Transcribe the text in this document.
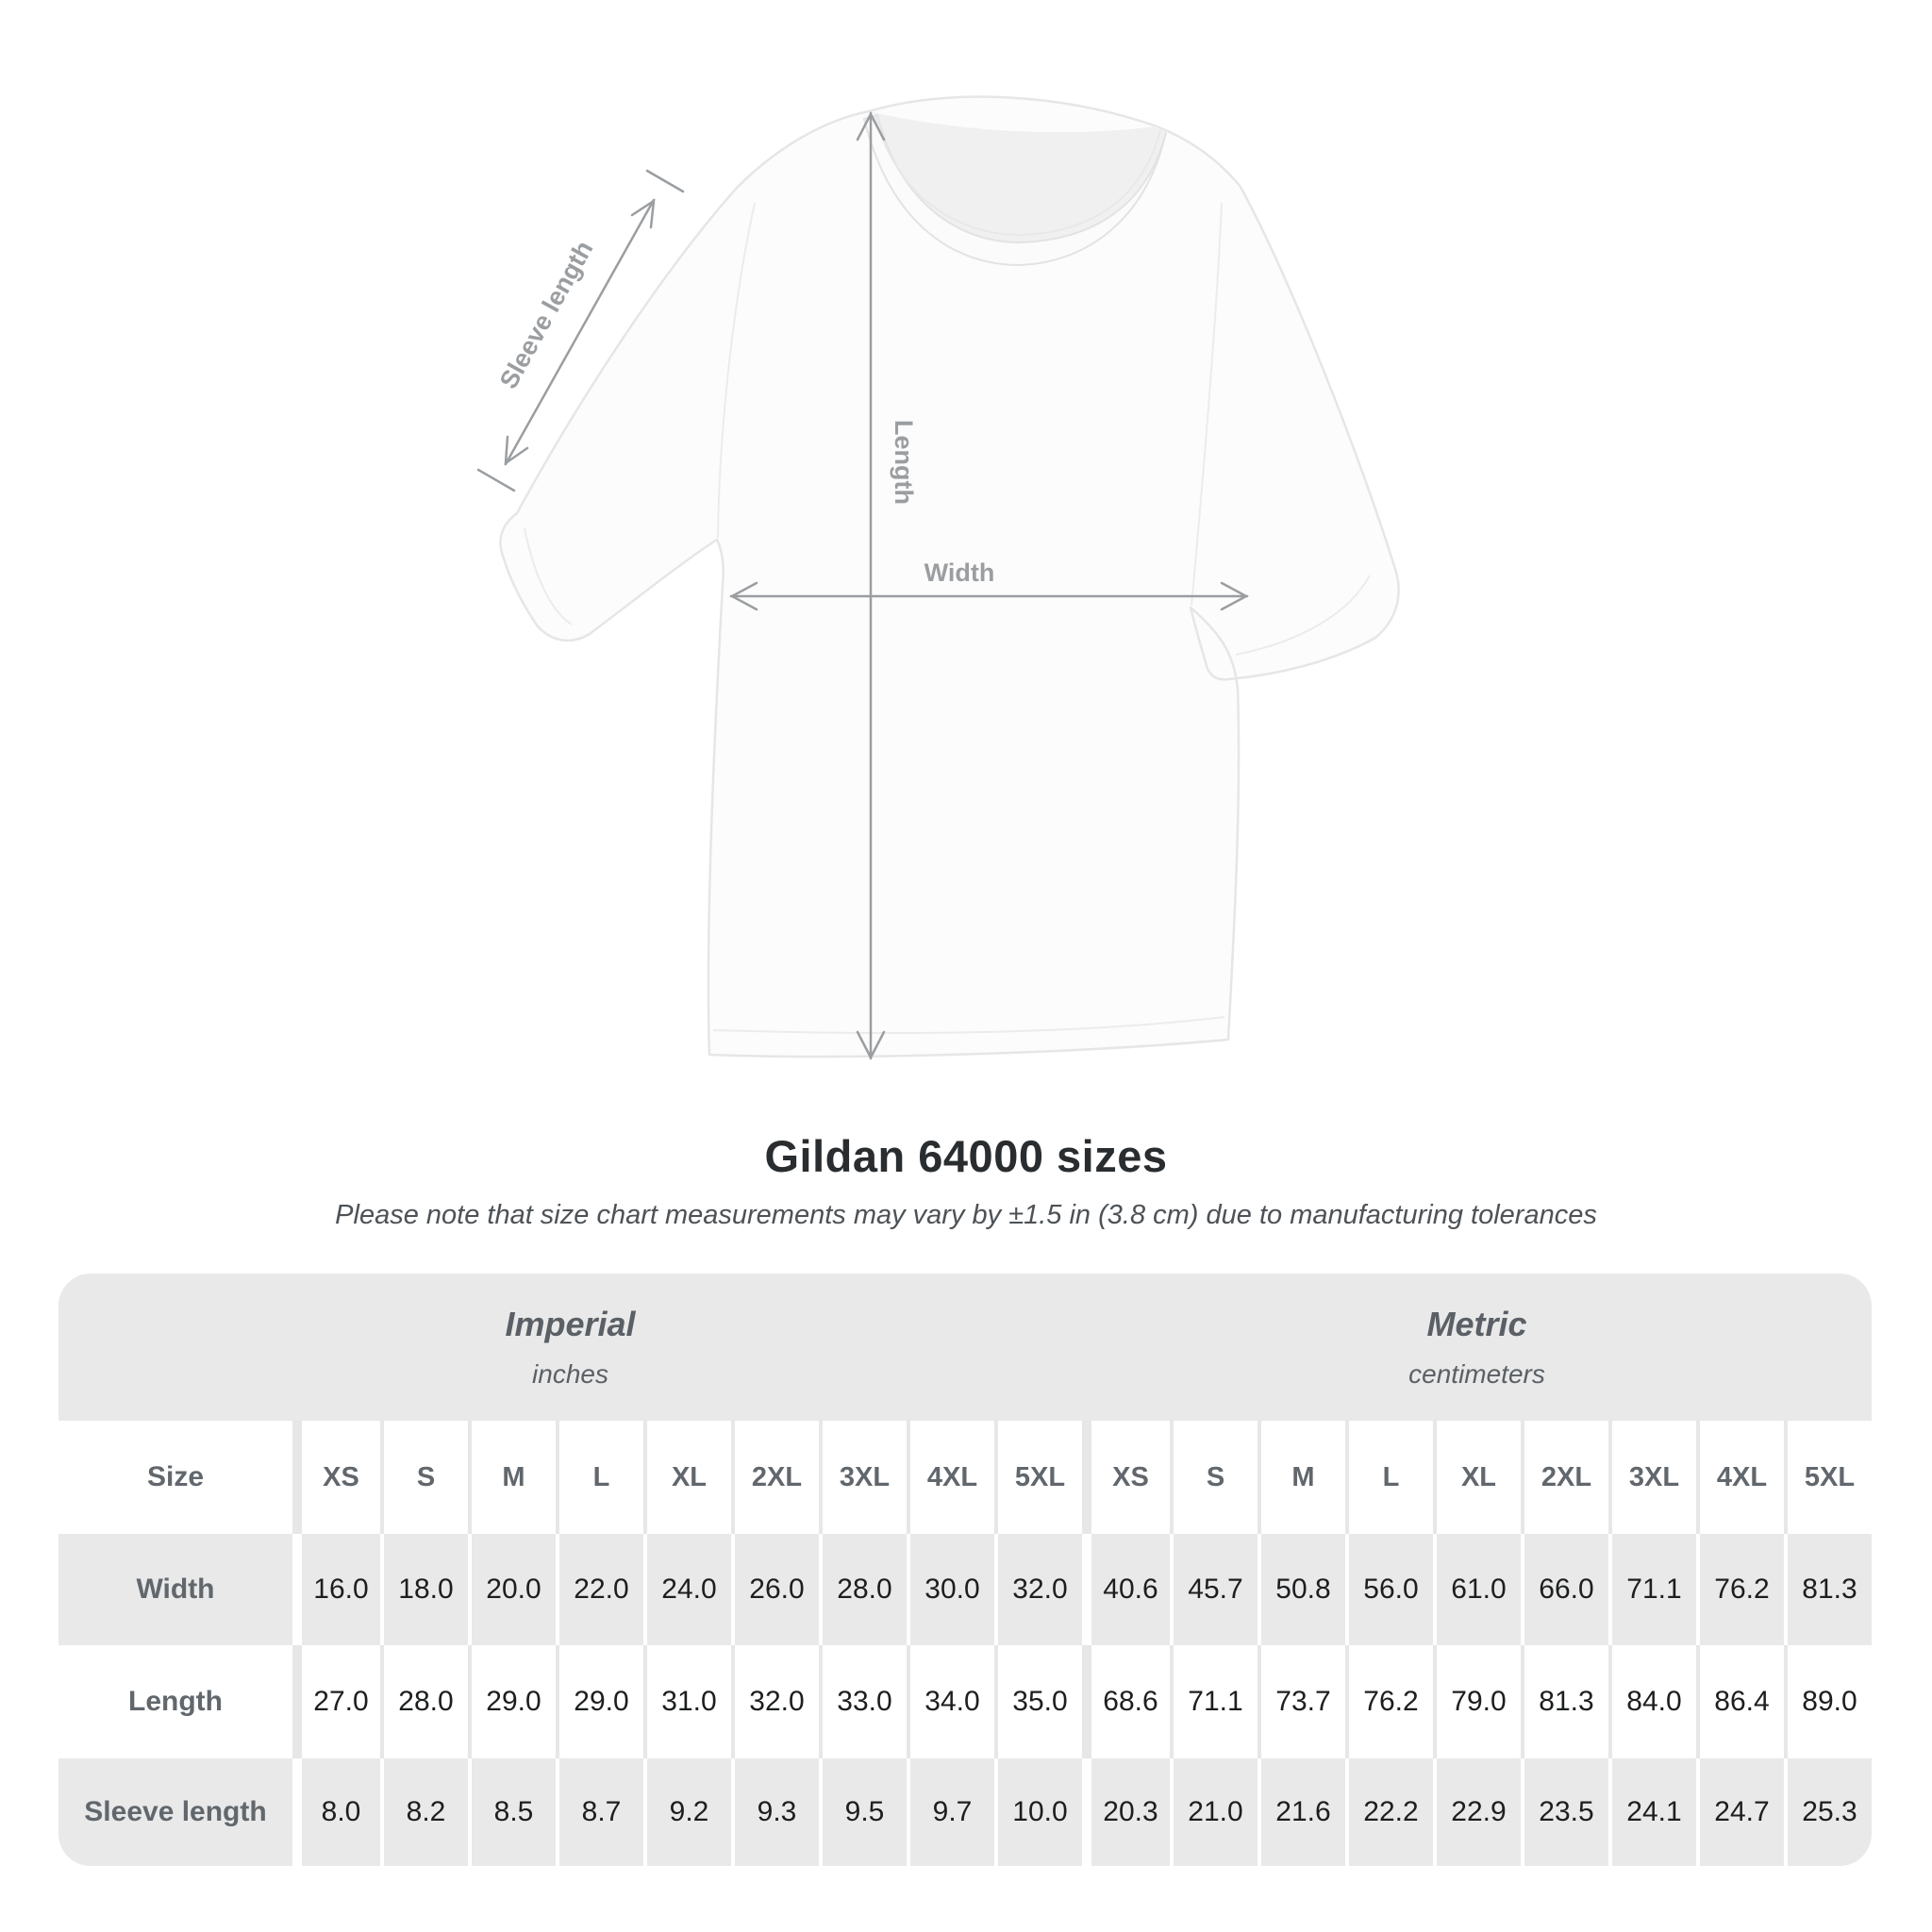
Width
Length
Sleeve length
Gildan 64000 sizes
Please note that size chart measurements may vary by ±1.5 in (3.8 cm) due to manufacturing tolerances
Imperial
inches
Metric
centimeters
Size	XS	S	M	L	XL	2XL	3XL	4XL	5XL	XS	S	M	L	XL	2XL	3XL	4XL	5XL
Width	16.0	18.0	20.0	22.0	24.0	26.0	28.0	30.0	32.0	40.6	45.7	50.8	56.0	61.0	66.0	71.1	76.2	81.3
Length	27.0	28.0	29.0	29.0	31.0	32.0	33.0	34.0	35.0	68.6	71.1	73.7	76.2	79.0	81.3	84.0	86.4	89.0
Sleeve length	8.0	8.2	8.5	8.7	9.2	9.3	9.5	9.7	10.0	20.3	21.0	21.6	22.2	22.9	23.5	24.1	24.7	25.3
